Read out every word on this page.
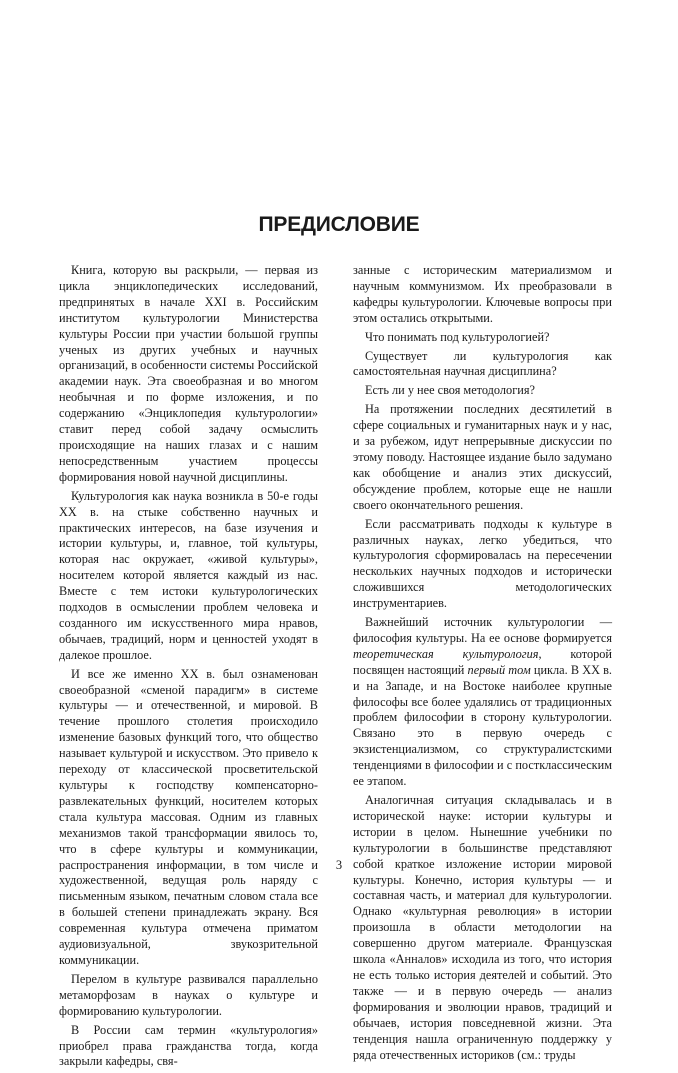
ПРЕДИСЛОВИЕ

Книга, которую вы раскрыли, — первая из цикла энциклопедических исследований, предпринятых в начале XXI в. Российским институтом культурологии Министерства культуры России при участии большой группы ученых из других учебных и научных организаций, в особенности системы Российской академии наук. Эта своеобразная и во многом необычная и по форме изложения, и по содержанию «Энциклопедия культурологии» ставит перед собой задачу осмыслить происходящие на наших глазах и с нашим непосредственным участием процессы формирования новой научной дисциплины.

Культурология как наука возникла в 50-е годы XX в. на стыке собственно научных и практических интересов, на базе изучения и истории культуры, и, главное, той культуры, которая нас окружает, «живой культуры», носителем которой является каждый из нас. Вместе с тем истоки культурологических подходов в осмыслении проблем человека и созданного им искусственного мира нравов, обычаев, традиций, норм и ценностей уходят в далекое прошлое.

И все же именно XX в. был ознаменован своеобразной «сменой парадигм» в системе культуры — и отечественной, и мировой. В течение прошлого столетия происходило изменение базовых функций того, что общество называет культурой и искусством. Это привело к переходу от классической просветительской культуры к господству компенсаторно-развлекательных функций, носителем которых стала культура массовая. Одним из главных механизмов такой трансформации явилось то, что в сфере культуры и коммуникации, распространения информации, в том числе и художественной, ведущая роль наряду с письменным языком, печатным словом стала все в большей степени принадлежать экрану. Вся современная культура отмечена приматом аудиовизуальной, звукозрительной коммуникации.

Перелом в культуре развивался параллельно метаморфозам в науках о культуре и формированию культурологии.

В России сам термин «культурология» приобрел права гражданства тогда, когда закрыли кафедры, свя-

занные с историческим материализмом и научным коммунизмом. Их преобразовали в кафедры культурологии. Ключевые вопросы при этом остались открытыми.

Что понимать под культурологией?

Существует ли культурология как самостоятельная научная дисциплина?

Есть ли у нее своя методология?

На протяжении последних десятилетий в сфере социальных и гуманитарных наук и у нас, и за рубежом, идут непрерывные дискуссии по этому поводу. Настоящее издание было задумано как обобщение и анализ этих дискуссий, обсуждение проблем, которые еще не нашли своего окончательного решения.

Если рассматривать подходы к культуре в различных науках, легко убедиться, что культурология сформировалась на пересечении нескольких научных подходов и исторически сложившихся методологических инструментариев.

Важнейший источник культурологии — философия культуры. На ее основе формируется теоретическая культурология, которой посвящен настоящий первый том цикла. В XX в. и на Западе, и на Востоке наиболее крупные философы все более удалялись от традиционных проблем философии в сторону культурологии. Связано это в первую очередь с экзистенциализмом, со структуралистскими тенденциями в философии и с постклассическим ее этапом.

Аналогичная ситуация складывалась и в исторической науке: истории культуры и истории в целом. Нынешние учебники по культурологии в большинстве представляют собой краткое изложение истории мировой культуры. Конечно, история культуры — и составная часть, и материал для культурологии. Однако «культурная революция» в истории произошла в области методологии на совершенно другом материале. Французская школа «Анналов» исходила из того, что история не есть только история деятелей и событий. Это также — и в первую очередь — анализ формирования и эволюции нравов, традиций и обычаев, история повседневной жизни. Эта тенденция нашла ограниченную поддержку у ряда отечественных историков (см.: труды

3
